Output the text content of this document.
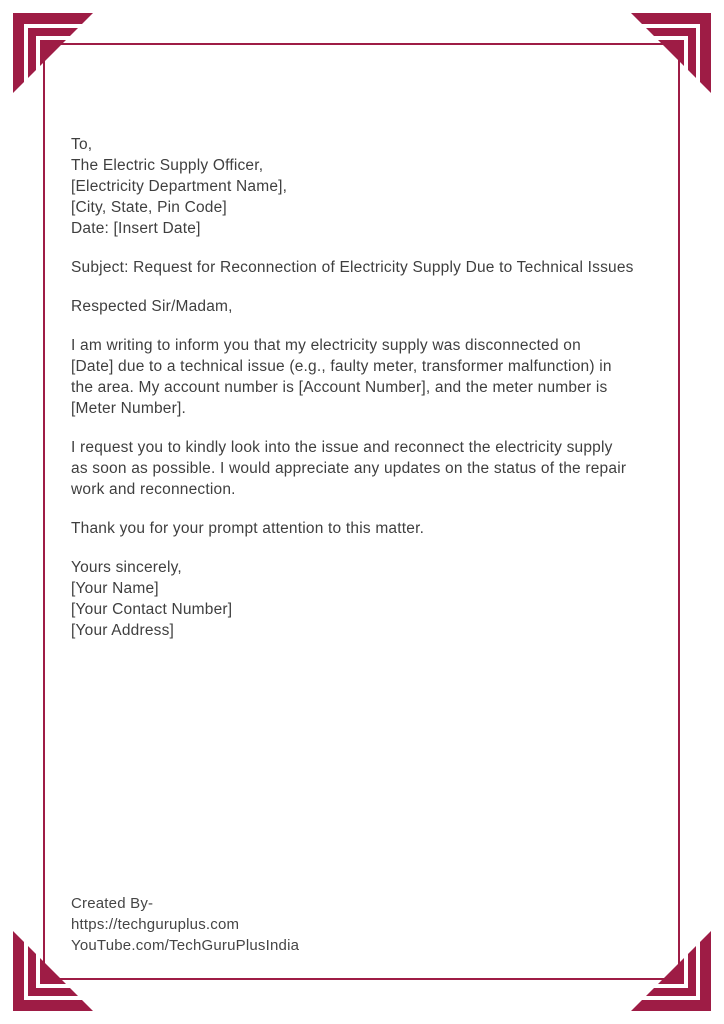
To,
The Electric Supply Officer,
[Electricity Department Name],
[City, State, Pin Code]
Date: [Insert Date]
Subject: Request for Reconnection of Electricity Supply Due to Technical Issues
Respected Sir/Madam,
I am writing to inform you that my electricity supply was disconnected on
[Date] due to a technical issue (e.g., faulty meter, transformer malfunction) in
the area. My account number is [Account Number], and the meter number is
[Meter Number].
I request you to kindly look into the issue and reconnect the electricity supply
as soon as possible. I would appreciate any updates on the status of the repair
work and reconnection.
Thank you for your prompt attention to this matter.
Yours sincerely,
[Your Name]
[Your Contact Number]
[Your Address]
Created By-
https://techguruplus.com
YouTube.com/TechGuruPlusIndia
